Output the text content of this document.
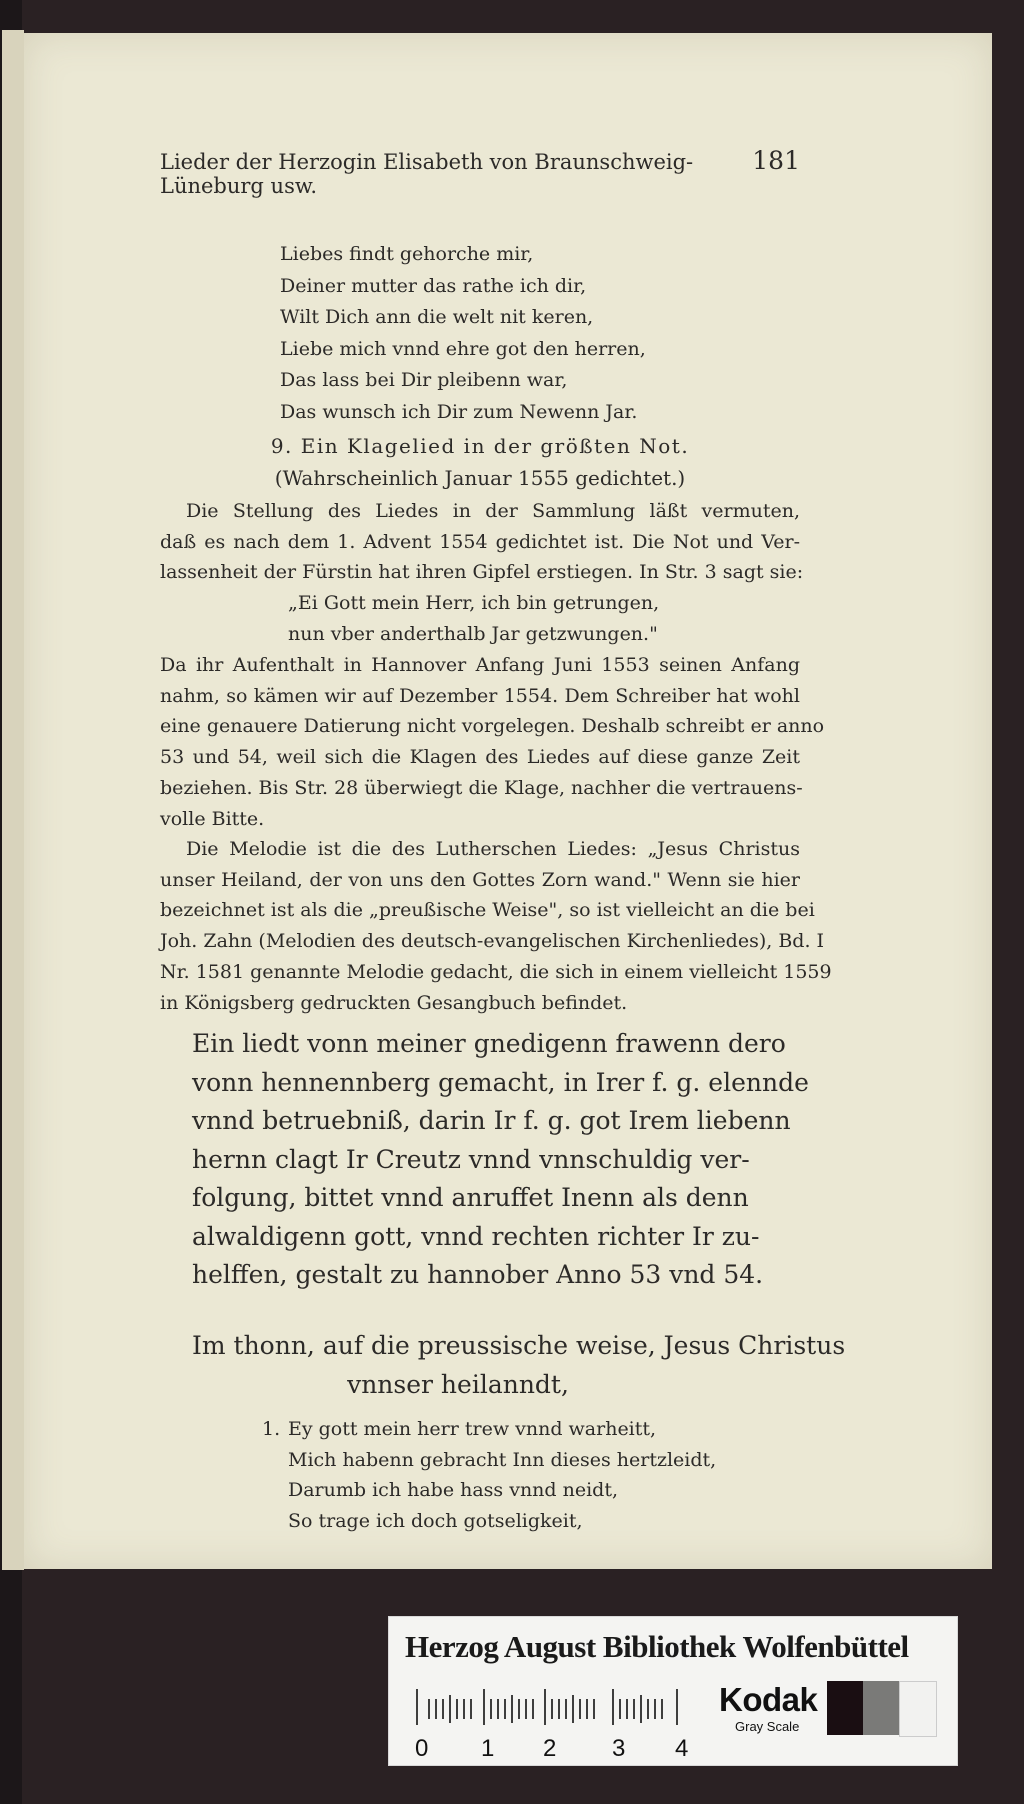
Lieder der Herzogin Elisabeth von Braunschweig-Lüneburg usw.
181
Liebes findt gehorche mir,
Deiner mutter das rathe ich dir,
Wilt Dich ann die welt nit keren,
Liebe mich vnnd ehre got den herren,
Das lass bei Dir pleibenn war,
Das wunsch ich Dir zum Newenn Jar.
9. Ein Klagelied in der größten Not.
(Wahrscheinlich Januar 1555 gedichtet.)
Die Stellung des Liedes in der Sammlung läßt vermuten,
daß es nach dem 1. Advent 1554 gedichtet ist. Die Not und Ver-
lassenheit der Fürstin hat ihren Gipfel erstiegen. In Str. 3 sagt sie:
„Ei Gott mein Herr, ich bin getrungen,
nun vber anderthalb Jar getzwungen."
Da ihr Aufenthalt in Hannover Anfang Juni 1553 seinen Anfang
nahm, so kämen wir auf Dezember 1554. Dem Schreiber hat wohl
eine genauere Datierung nicht vorgelegen. Deshalb schreibt er anno
53 und 54, weil sich die Klagen des Liedes auf diese ganze Zeit
beziehen. Bis Str. 28 überwiegt die Klage, nachher die vertrauens-
volle Bitte.
Die Melodie ist die des Lutherschen Liedes: „Jesus Christus
unser Heiland, der von uns den Gottes Zorn wand." Wenn sie hier
bezeichnet ist als die „preußische Weise", so ist vielleicht an die bei
Joh. Zahn (Melodien des deutsch-evangelischen Kirchenliedes), Bd. I
Nr. 1581 genannte Melodie gedacht, die sich in einem vielleicht 1559
in Königsberg gedruckten Gesangbuch befindet.
Ein liedt vonn meiner gnedigenn frawenn dero
vonn hennennberg gemacht, in Irer f. g. elennde
vnnd betruebniß, darin Ir f. g. got Irem liebenn
hernn clagt Ir Creutz vnnd vnnschuldig ver-
folgung, bittet vnnd anruffet Inenn als denn
alwaldigenn gott, vnnd rechten richter Ir zu-
helffen, gestalt zu hannober Anno 53 vnd 54.
Im thonn, auf die preussische weise, Jesus Christus
vnnser heilanndt,
1. Ey gott mein herr trew vnnd warheitt,
Mich habenn gebracht Inn dieses hertzleidt,
Darumb ich habe hass vnnd neidt,
So trage ich doch gotseligkeit,
Herzog August Bibliothek Wolfenbüttel
0 1 2 3 4
Kodak
Gray Scale
